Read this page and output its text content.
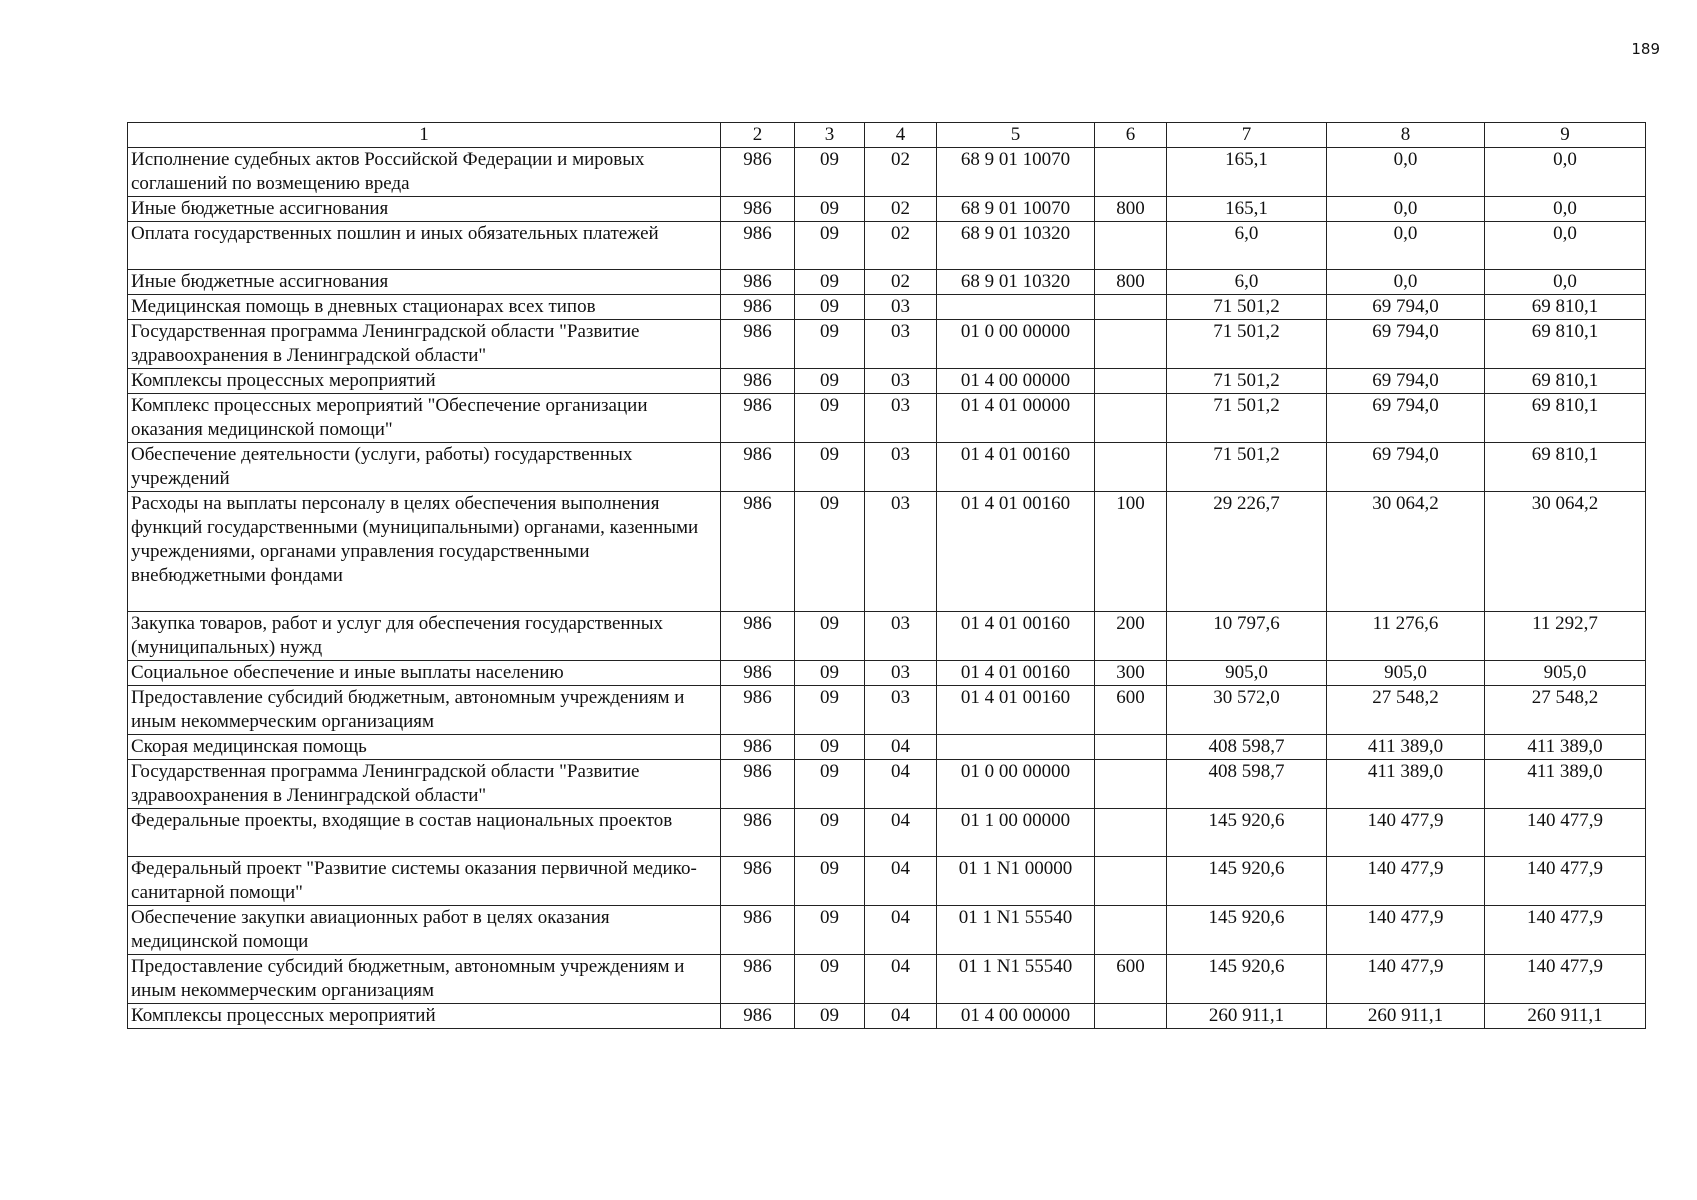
189
1	2	3	4	5	6	7	8	9
Исполнение судебных актов Российской Федерации и мировых соглашений по возмещению вреда	986	09	02	68 9 01 10070		165,1	0,0	0,0
Иные бюджетные ассигнования	986	09	02	68 9 01 10070	800	165,1	0,0	0,0
Оплата государственных пошлин и иных обязательных платежей	986	09	02	68 9 01 10320		6,0	0,0	0,0
Иные бюджетные ассигнования	986	09	02	68 9 01 10320	800	6,0	0,0	0,0
Медицинская помощь в дневных стационарах всех типов	986	09	03			71 501,2	69 794,0	69 810,1
Государственная программа Ленинградской области "Развитие здравоохранения в Ленинградской области"	986	09	03	01 0 00 00000		71 501,2	69 794,0	69 810,1
Комплексы процессных мероприятий	986	09	03	01 4 00 00000		71 501,2	69 794,0	69 810,1
Комплекс процессных мероприятий "Обеспечение организации оказания медицинской помощи"	986	09	03	01 4 01 00000		71 501,2	69 794,0	69 810,1
Обеспечение деятельности (услуги, работы) государственных учреждений	986	09	03	01 4 01 00160		71 501,2	69 794,0	69 810,1
Расходы на выплаты персоналу в целях обеспечения выполнения функций государственными (муниципальными) органами, казенными учреждениями, органами управления государственными внебюджетными фондами	986	09	03	01 4 01 00160	100	29 226,7	30 064,2	30 064,2
Закупка товаров, работ и услуг для обеспечения государственных (муниципальных) нужд	986	09	03	01 4 01 00160	200	10 797,6	11 276,6	11 292,7
Социальное обеспечение и иные выплаты населению	986	09	03	01 4 01 00160	300	905,0	905,0	905,0
Предоставление субсидий бюджетным, автономным учреждениям и иным некоммерческим организациям	986	09	03	01 4 01 00160	600	30 572,0	27 548,2	27 548,2
Скорая медицинская помощь	986	09	04			408 598,7	411 389,0	411 389,0
Государственная программа Ленинградской области "Развитие здравоохранения в Ленинградской области"	986	09	04	01 0 00 00000		408 598,7	411 389,0	411 389,0
Федеральные проекты, входящие в состав национальных проектов	986	09	04	01 1 00 00000		145 920,6	140 477,9	140 477,9
Федеральный проект "Развитие системы оказания первичной медико-санитарной помощи"	986	09	04	01 1 N1 00000		145 920,6	140 477,9	140 477,9
Обеспечение закупки авиационных работ в целях оказания медицинской помощи	986	09	04	01 1 N1 55540		145 920,6	140 477,9	140 477,9
Предоставление субсидий бюджетным, автономным учреждениям и иным некоммерческим организациям	986	09	04	01 1 N1 55540	600	145 920,6	140 477,9	140 477,9
Комплексы процессных мероприятий	986	09	04	01 4 00 00000		260 911,1	260 911,1	260 911,1
